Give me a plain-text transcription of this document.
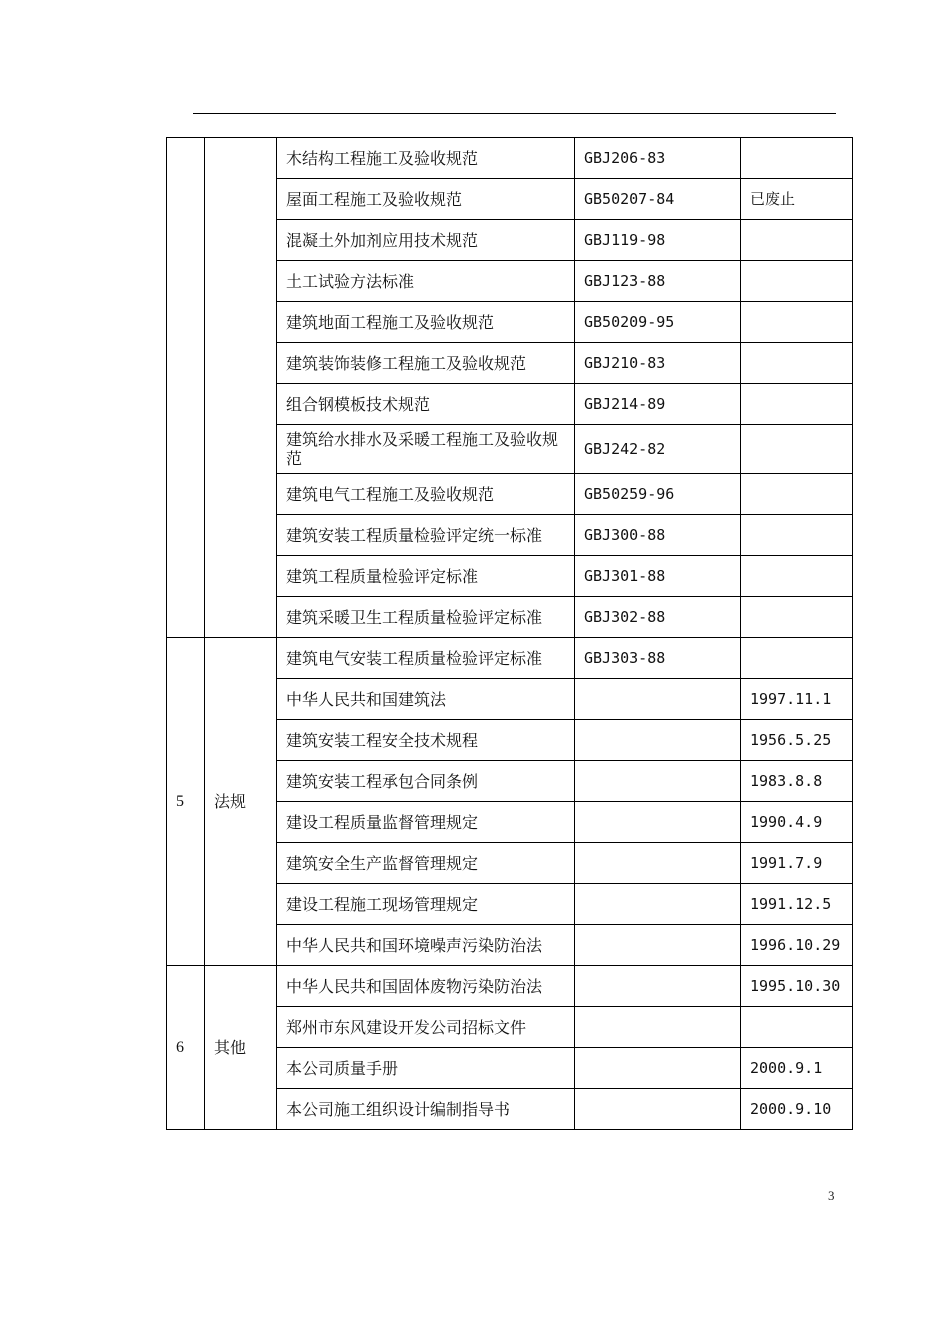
		木结构工程施工及验收规范	GBJ206-83	
		屋面工程施工及验收规范	GB50207-84	已废止
		混凝土外加剂应用技术规范	GBJ119-98	
		土工试验方法标准	GBJ123-88	
		建筑地面工程施工及验收规范	GB50209-95	
		建筑装饰装修工程施工及验收规范	GBJ210-83	
		组合钢模板技术规范	GBJ214-89	
		建筑给水排水及采暖工程施工及验收规范	GBJ242-82	
		建筑电气工程施工及验收规范	GB50259-96	
		建筑安装工程质量检验评定统一标准	GBJ300-88	
		建筑工程质量检验评定标准	GBJ301-88	
		建筑采暖卫生工程质量检验评定标准	GBJ302-88	
5	法规	建筑电气安装工程质量检验评定标准	GBJ303-88	
		中华人民共和国建筑法		1997.11.1
		建筑安装工程安全技术规程		1956.5.25
		建筑安装工程承包合同条例		1983.8.8
		建设工程质量监督管理规定		1990.4.9
		建筑安全生产监督管理规定		1991.7.9
		建设工程施工现场管理规定		1991.12.5
		中华人民共和国环境噪声污染防治法		1996.10.29
6	其他	中华人民共和国固体废物污染防治法		1995.10.30
		郑州市东风建设开发公司招标文件		
		本公司质量手册		2000.9.1
		本公司施工组织设计编制指导书		2000.9.10
3
